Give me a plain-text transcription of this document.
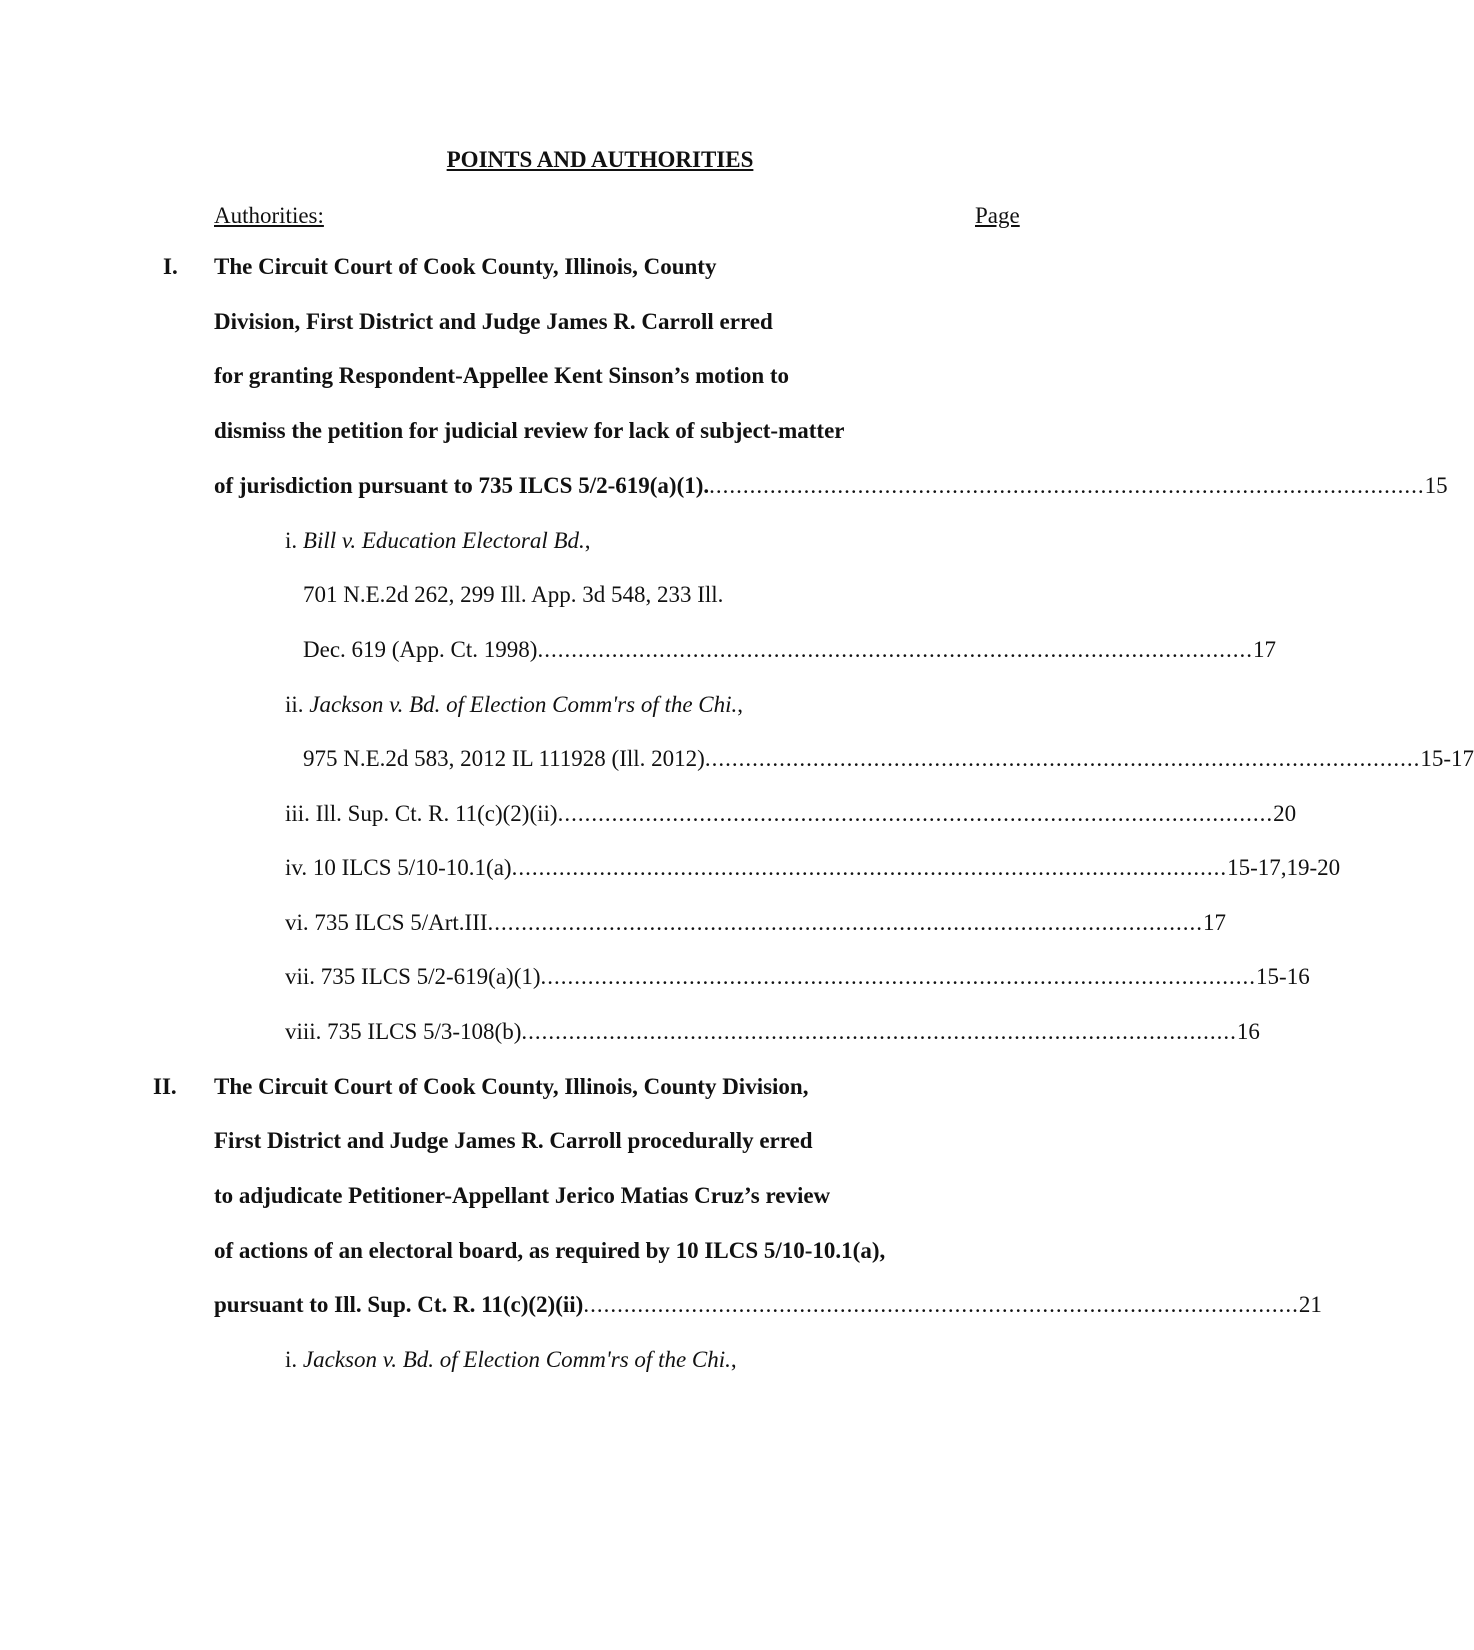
POINTS AND AUTHORITIES
Authorities:	Page
I. The Circuit Court of Cook County, Illinois, County
Division, First District and Judge James R. Carroll erred
for granting Respondent-Appellee Kent Sinson’s motion to
dismiss the petition for judicial review for lack of subject-matter
of jurisdiction pursuant to 735 ILCS 5/2-619(a)(1). .......................................................................................................... 15
i. Bill v. Education Electoral Bd.,
701 N.E.2d 262, 299 Ill. App. 3d 548, 233 Ill.
Dec. 619 (App. Ct. 1998) .......................................................................................................... 17
ii. Jackson v. Bd. of Election Comm'rs of the Chi.,
975 N.E.2d 583, 2012 IL 111928 (Ill. 2012) .......................................................................................................... 15-17
iii. Ill. Sup. Ct. R. 11(c)(2)(ii) .......................................................................................................... 20
iv. 10 ILCS 5/10-10.1(a) .......................................................................................................... 15-17,19-20
vi. 735 ILCS 5/Art.III .......................................................................................................... 17
vii. 735 ILCS 5/2-619(a)(1) .......................................................................................................... 15-16
viii. 735 ILCS 5/3-108(b) .......................................................................................................... 16
II. The Circuit Court of Cook County, Illinois, County Division,
First District and Judge James R. Carroll procedurally erred
to adjudicate Petitioner-Appellant Jerico Matias Cruz’s review
of actions of an electoral board, as required by 10 ILCS 5/10-10.1(a),
pursuant to Ill. Sup. Ct. R. 11(c)(2)(ii) .......................................................................................................... 21
i. Jackson v. Bd. of Election Comm'rs of the Chi.,
